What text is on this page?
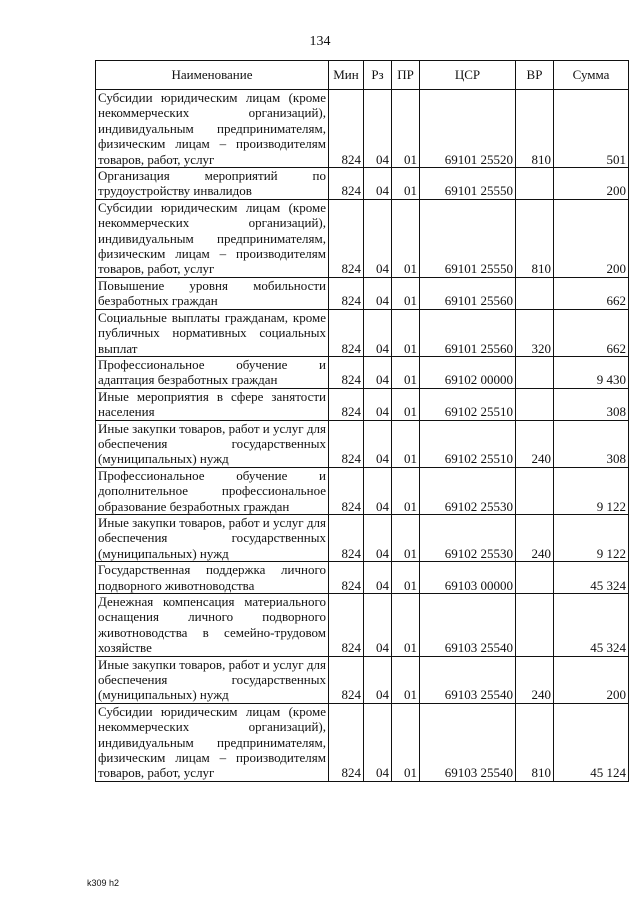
134
Наименование	Мин	Рз	ПР	ЦСР	ВР	Сумма
Субсидии юридическим лицам (кроме некоммерческих организаций), индивидуальным предпринимателям, физическим лицам – производителям товаров, работ, услуг	824	04	01	69101 25520	810	501
Организация мероприятий по трудоустройству инвалидов	824	04	01	69101 25550		200
Субсидии юридическим лицам (кроме некоммерческих организаций), индивидуальным предпринимателям, физическим лицам – производителям товаров, работ, услуг	824	04	01	69101 25550	810	200
Повышение уровня мобильности безработных граждан	824	04	01	69101 25560		662
Социальные выплаты гражданам, кроме публичных нормативных социальных выплат	824	04	01	69101 25560	320	662
Профессиональное обучение и адаптация безработных граждан	824	04	01	69102 00000		9 430
Иные мероприятия в сфере занятости населения	824	04	01	69102 25510		308
Иные закупки товаров, работ и услуг для обеспечения государственных (муниципальных) нужд	824	04	01	69102 25510	240	308
Профессиональное обучение и дополнительное профессиональное образование безработных граждан	824	04	01	69102 25530		9 122
Иные закупки товаров, работ и услуг для обеспечения государственных (муниципальных) нужд	824	04	01	69102 25530	240	9 122
Государственная поддержка личного подворного животноводства	824	04	01	69103 00000		45 324
Денежная компенсация материального оснащения личного подворного животноводства в семейно-трудовом хозяйстве	824	04	01	69103 25540		45 324
Иные закупки товаров, работ и услуг для обеспечения государственных (муниципальных) нужд	824	04	01	69103 25540	240	200
Субсидии юридическим лицам (кроме некоммерческих организаций), индивидуальным предпринимателям, физическим лицам – производителям товаров, работ, услуг	824	04	01	69103 25540	810	45 124
k309 h2
